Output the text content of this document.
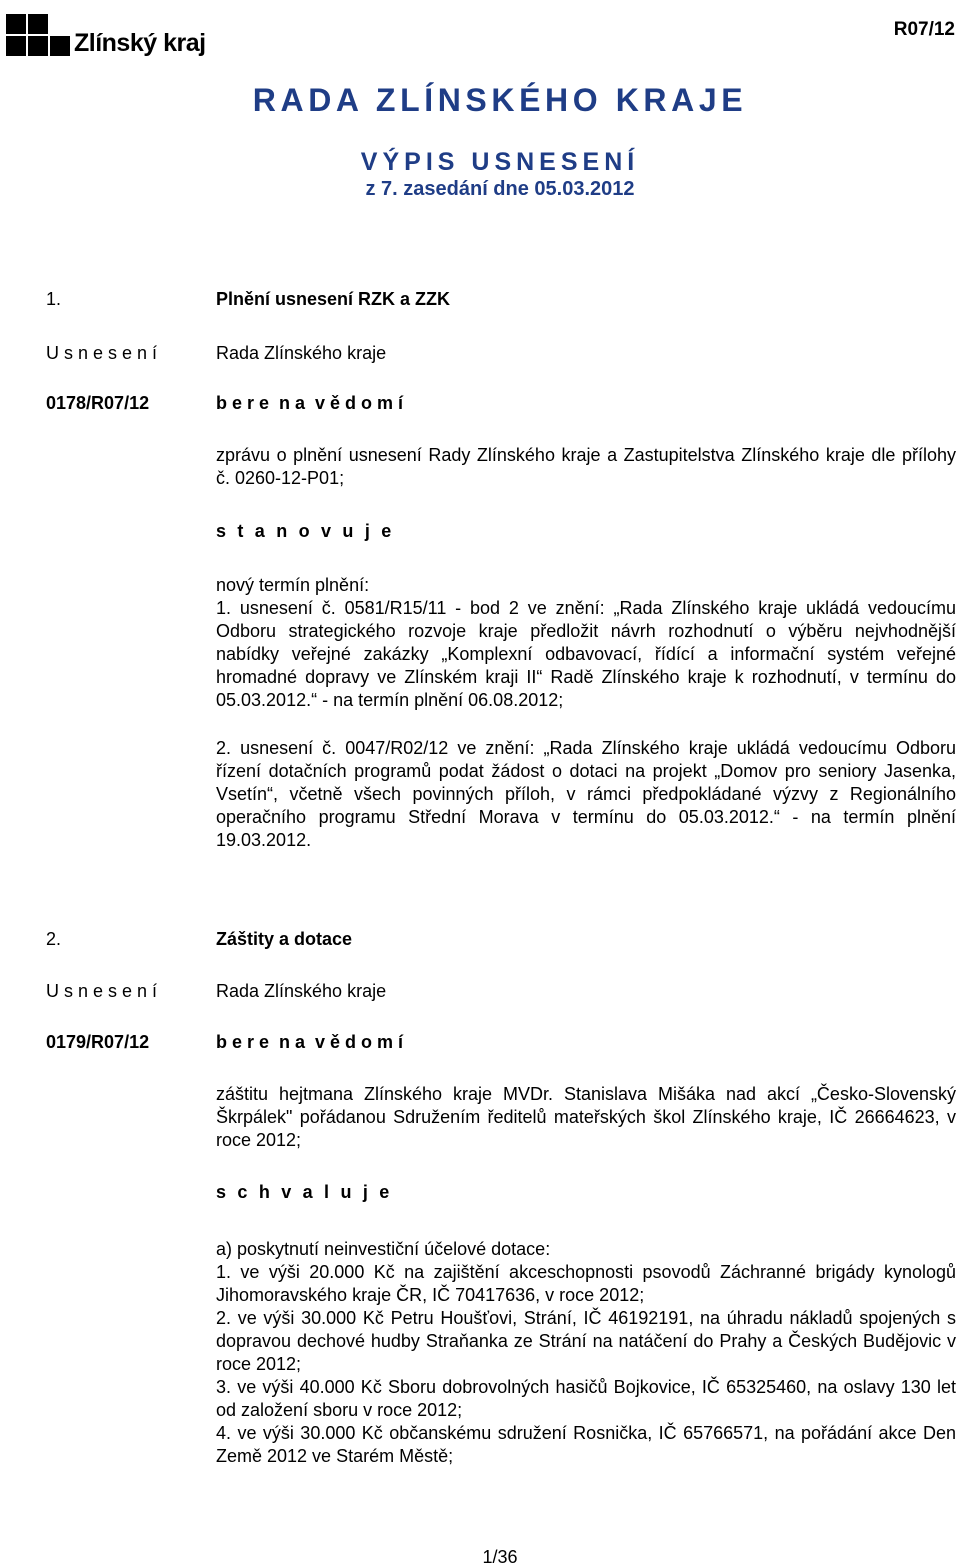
Zlínský kraj	R07/12
RADA ZLÍNSKÉHO KRAJE
VÝPIS USNESENÍ
z 7. zasedání dne 05.03.2012
1.	Plnění usnesení RZK a ZZK
U s n e s e n í	Rada Zlínského kraje
0178/R07/12	b e r e  n a  v ě d o m í
zprávu o plnění usnesení Rady Zlínského kraje a Zastupitelstva Zlínského kraje dle přílohy č. 0260-12-P01;
s t a n o v u j e
nový termín plnění:
1. usnesení č. 0581/R15/11 - bod 2 ve znění: „Rada Zlínského kraje ukládá vedoucímu Odboru strategického rozvoje kraje předložit návrh rozhodnutí o výběru nejvhodnější nabídky veřejné zakázky „Komplexní odbavovací, řídící a informační systém veřejné hromadné dopravy ve Zlínském kraji II“ Radě Zlínského kraje k rozhodnutí, v termínu do 05.03.2012.“ - na termín plnění 06.08.2012;
2. usnesení č. 0047/R02/12 ve znění: „Rada Zlínského kraje ukládá vedoucímu Odboru řízení dotačních programů podat žádost o dotaci na projekt „Domov pro seniory Jasenka, Vsetín“, včetně všech povinných příloh, v rámci předpokládané výzvy z Regionálního operačního programu Střední Morava v termínu do 05.03.2012.“ - na termín plnění 19.03.2012.
2.	Záštity a dotace
U s n e s e n í	Rada Zlínského kraje
0179/R07/12	b e r e  n a  v ě d o m í
záštitu hejtmana Zlínského kraje MVDr. Stanislava Mišáka nad akcí „Česko-Slovenský Škrpálek" pořádanou Sdružením ředitelů mateřských škol Zlínského kraje, IČ 26664623, v roce 2012;
s c h v a l u j e
a) poskytnutí neinvestiční účelové dotace:
1. ve výši 20.000 Kč na zajištění akceschopnosti psovodů Záchranné brigády kynologů Jihomoravského kraje ČR, IČ 70417636, v roce 2012;
2. ve výši 30.000 Kč Petru Houšťovi, Strání, IČ 46192191, na úhradu nákladů spojených s dopravou dechové hudby Straňanka ze Strání na natáčení do Prahy a Českých Budějovic v roce 2012;
3. ve výši 40.000 Kč Sboru dobrovolných hasičů Bojkovice, IČ 65325460, na oslavy 130 let od založení sboru v roce 2012;
4. ve výši 30.000 Kč občanskému sdružení Rosnička, IČ 65766571, na pořádání akce Den Země 2012 ve Starém Městě;
1/36
